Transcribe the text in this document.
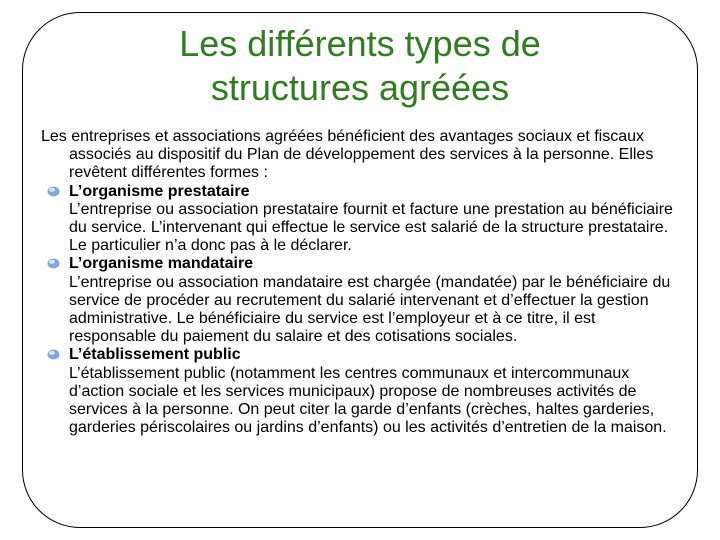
Les différents types de
structures agréées

Les entreprises et associations agréées bénéficient des avantages sociaux et fiscaux associés au dispositif du Plan de développement des services à la personne. Elles revêtent différentes formes :

L’organisme prestataire
L’entreprise ou association prestataire fournit et facture une prestation au bénéficiaire du service. L’intervenant qui effectue le service est salarié de la structure prestataire. Le particulier n’a donc pas à le déclarer.
L’organisme mandataire
L’entreprise ou association mandataire est chargée (mandatée) par le bénéficiaire du service de procéder au recrutement du salarié intervenant et d’effectuer la gestion administrative. Le bénéficiaire du service est l’employeur et à ce titre, il est responsable du paiement du salaire et des cotisations sociales.
L’établissement public
L’établissement public (notamment les centres communaux et intercommunaux d’action sociale et les services municipaux) propose de nombreuses activités de services à la personne. On peut citer la garde d’enfants (crèches, haltes garderies, garderies périscolaires ou jardins d’enfants) ou les activités d’entretien de la maison.
